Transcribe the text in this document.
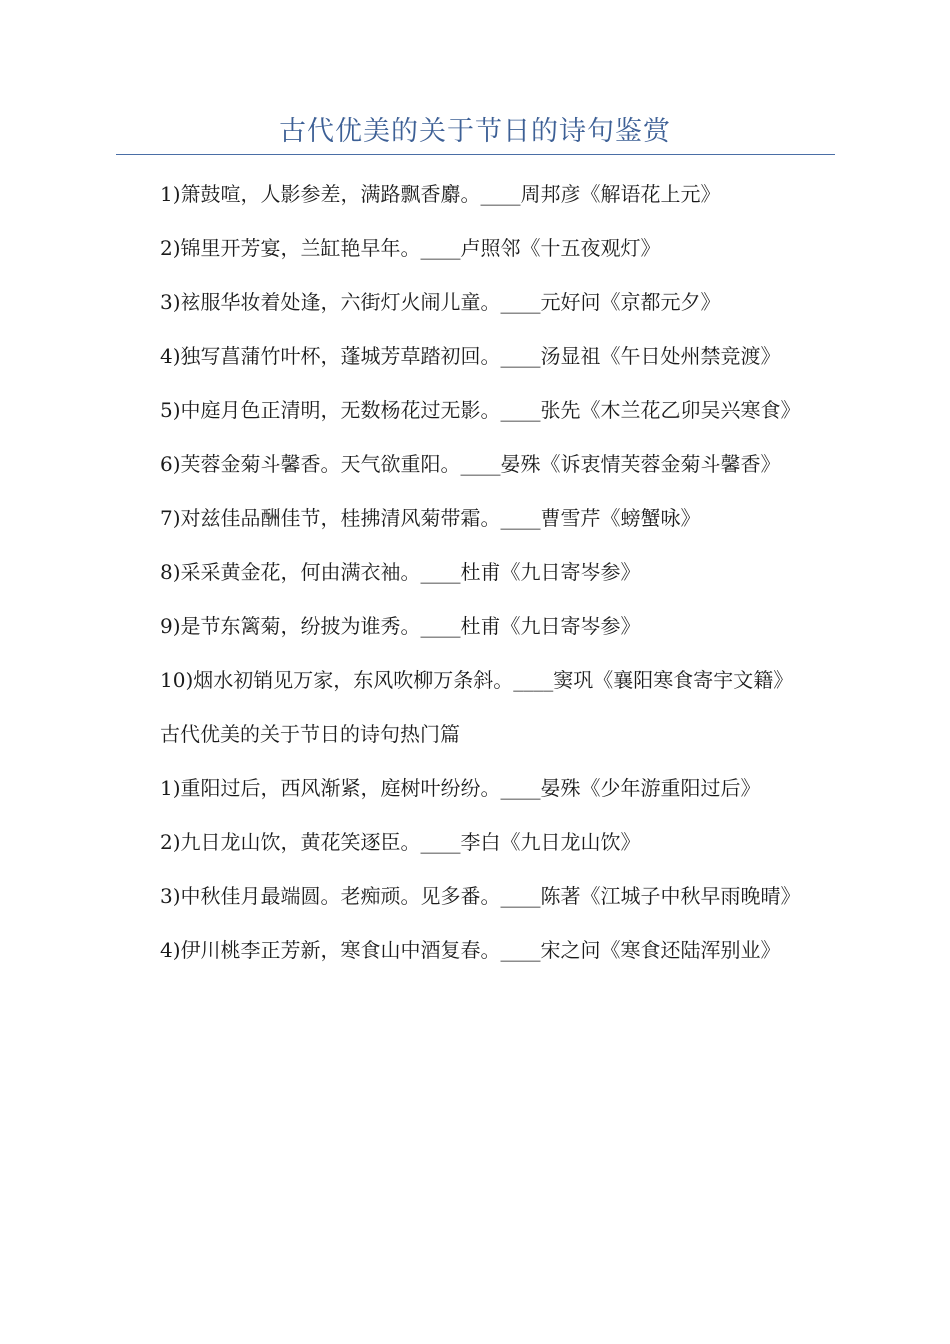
古代优美的关于节日的诗句鉴赏

1)箫鼓喧，人影参差，满路飘香麝。____周邦彦《解语花上元》

2)锦里开芳宴，兰缸艳早年。____卢照邻《十五夜观灯》

3)袨服华妆着处逢，六街灯火闹儿童。____元好问《京都元夕》

4)独写菖蒲竹叶杯，蓬城芳草踏初回。____汤显祖《午日处州禁竞渡》

5)中庭月色正清明，无数杨花过无影。____张先《木兰花乙卯吴兴寒食》

6)芙蓉金菊斗馨香。天气欲重阳。____晏殊《诉衷情芙蓉金菊斗馨香》

7)对兹佳品酬佳节，桂拂清风菊带霜。____曹雪芹《螃蟹咏》

8)采采黄金花，何由满衣袖。____杜甫《九日寄岑参》

9)是节东篱菊，纷披为谁秀。____杜甫《九日寄岑参》

10)烟水初销见万家，东风吹柳万条斜。____窦巩《襄阳寒食寄宇文籍》

古代优美的关于节日的诗句热门篇

1)重阳过后，西风渐紧，庭树叶纷纷。____晏殊《少年游重阳过后》

2)九日龙山饮，黄花笑逐臣。____李白《九日龙山饮》

3)中秋佳月最端圆。老痴顽。见多番。____陈著《江城子中秋早雨晚晴》

4)伊川桃李正芳新，寒食山中酒复春。____宋之问《寒食还陆浑别业》
